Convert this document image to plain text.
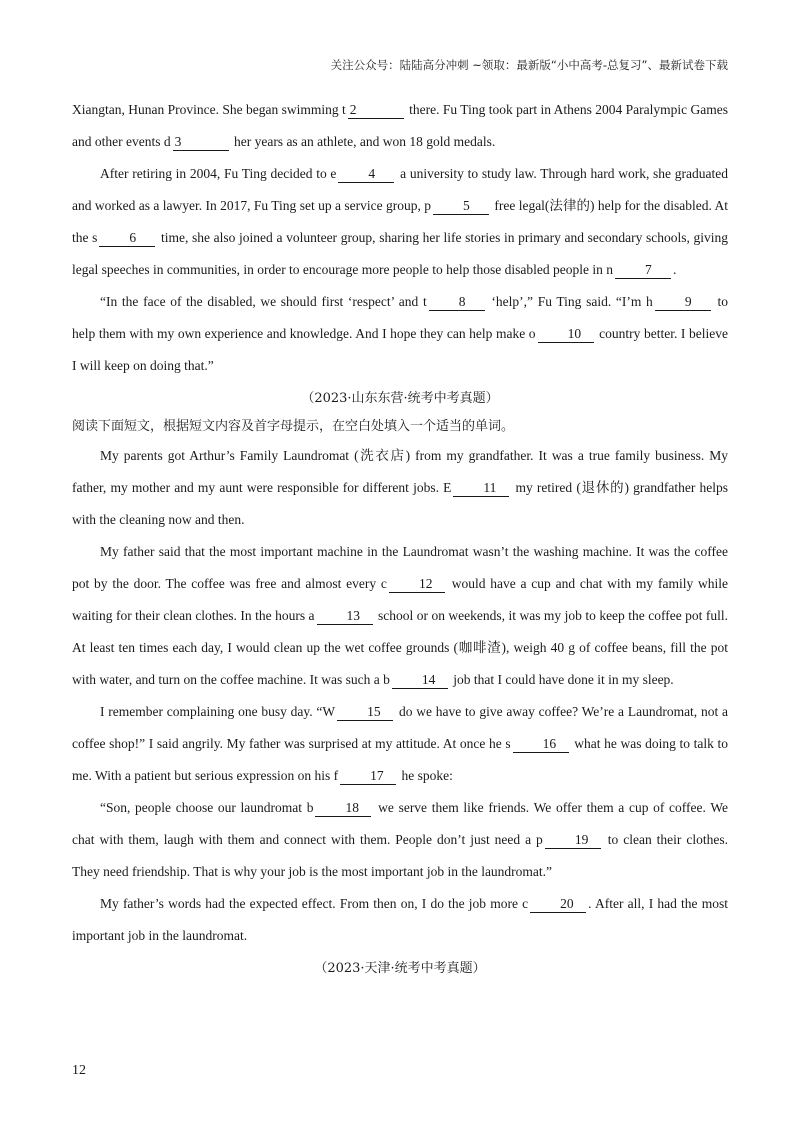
关注公众号：陆陆高分冲刺 ~领取：最新版“小中高考-总复习”、最新试卷下载

Xiangtan, Hunan Province. She began swimming t 2	there. Fu Ting took part in Athens 2004 Paralympic Games and other events d 3	her years as an athlete, and won 18 gold medals.

After retiring in 2004, Fu Ting decided to e 4 a university to study law. Through hard work, she graduated and worked as a lawyer. In 2017, Fu Ting set up a service group, p 5 free legal(法律的) help for the disabled. At the s 6 time, she also joined a volunteer group, sharing her life stories in primary and secondary schools, giving legal speeches in communities, in order to encourage more people to help those disabled people in n 7 .

“In the face of the disabled, we should first ‘respect’ and t 8 ‘help’,” Fu Ting said. “I’m h 9 to help them with my own experience and knowledge. And I hope they can help make o 10 country better. I believe I will keep on doing that.”

（2023·山东东营·统考中考真题）

阅读下面短文，根据短文内容及首字母提示，在空白处填入一个适当的单词。

My parents got Arthur’s Family Laundromat (洗衣店) from my grandfather. It was a true family business. My father, my mother and my aunt were responsible for different jobs. E 11 my retired (退休的) grandfather helps with the cleaning now and then.

My father said that the most important machine in the Laundromat wasn’t the washing machine. It was the coffee pot by the door. The coffee was free and almost every c 12 would have a cup and chat with my family while waiting for their clean clothes. In the hours a 13 school or on weekends, it was my job to keep the coffee pot full. At least ten times each day, I would clean up the wet coffee grounds (咖啡渣), weigh 40 g of coffee beans, fill the pot with water, and turn on the coffee machine. It was such a b 14 job that I could have done it in my sleep.

I remember complaining one busy day. “W 15 do we have to give away coffee? We’re a Laundromat, not a coffee shop!” I said angrily. My father was surprised at my attitude. At once he s 16 what he was doing to talk to me. With a patient but serious expression on his f 17 he spoke:

“Son, people choose our laundromat b 18 we serve them like friends. We offer them a cup of coffee. We chat with them, laugh with them and connect with them. People don’t just need a p 19 to clean their clothes. They need friendship. That is why your job is the most important job in the laundromat.”

My father’s words had the expected effect. From then on, I do the job more c 20 . After all, I had the most important job in the laundromat.

（2023·天津·统考中考真题）

12
